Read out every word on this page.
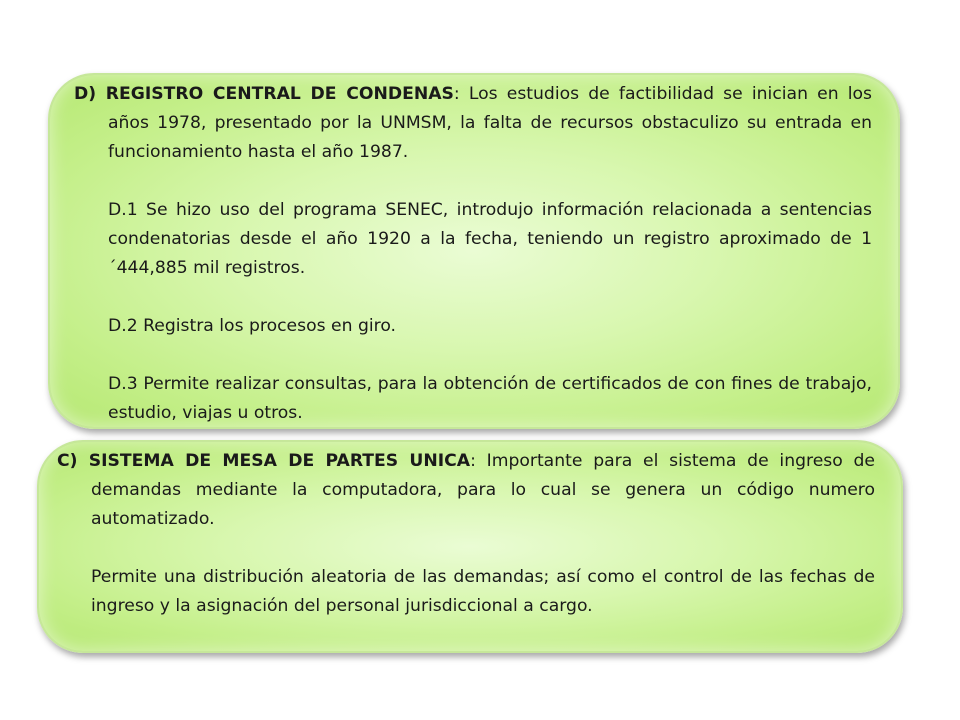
D) REGISTRO CENTRAL DE CONDENAS: Los estudios de factibilidad se inician en los años 1978, presentado por la UNMSM, la falta de recursos obstaculizo su entrada en funcionamiento hasta el año 1987.

D.1 Se hizo uso del programa SENEC, introdujo información relacionada a sentencias condenatorias desde el año 1920 a la fecha, teniendo un registro aproximado de 1´444,885 mil registros.

D.2 Registra los procesos en giro.

D.3 Permite realizar consultas, para la obtención de certificados de con fines de trabajo, estudio, viajas u otros.

C) SISTEMA DE MESA DE PARTES UNICA: Importante para el sistema de ingreso de demandas mediante la computadora, para lo cual se genera un código numero automatizado.

Permite una distribución aleatoria de las demandas; así como el control de las fechas de ingreso y la asignación del personal jurisdiccional a cargo.
